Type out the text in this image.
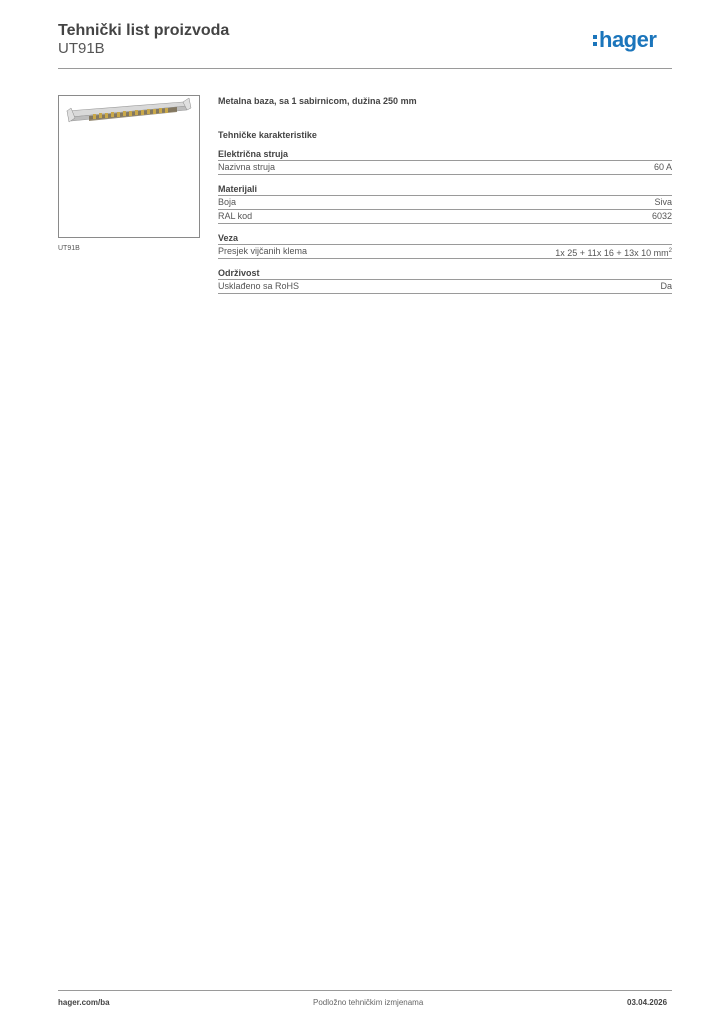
Tehnički list proizvoda
UT91B	hager
UT91B
Metalna baza, sa 1 sabirnicom, dužina 250 mm
Tehničke karakteristike
Električna struja
Nazivna struja	60 A
Materijali
Boja	Siva
RAL kod	6032
Veza
Presjek vijčanih klema	1x 25 + 11x 16 + 13x 10 $mm^2$
Održivost
Usklađeno sa RoHS	Da
hager.com/ba	Podložno tehničkim izmjenama	03.04.2026
